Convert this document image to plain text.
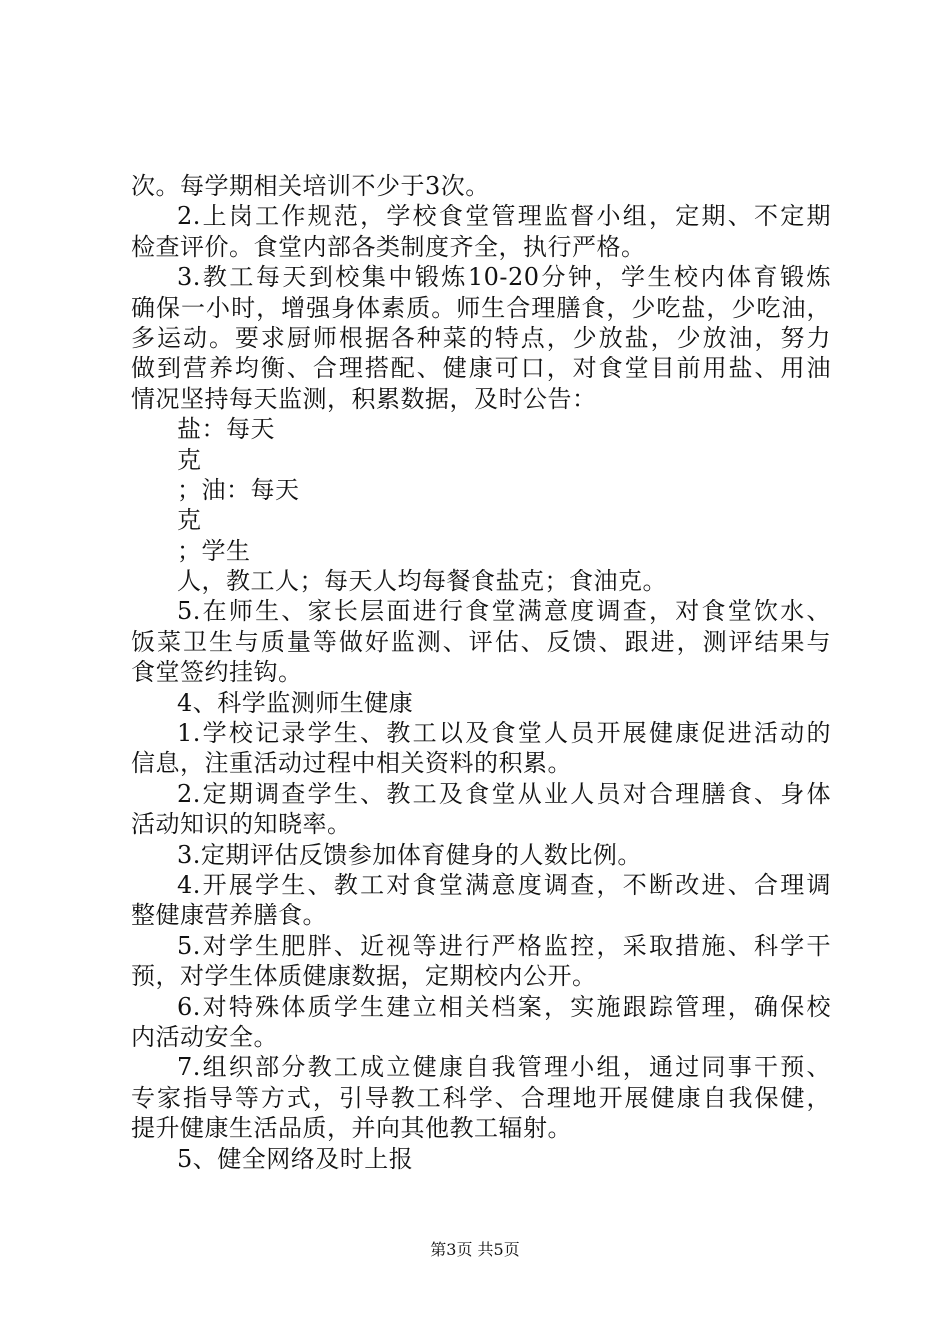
次。每学期相关培训不少于3次。
2.上岗工作规范，学校食堂管理监督小组，定期、不定期
检查评价。食堂内部各类制度齐全，执行严格。
3.教工每天到校集中锻炼10-20分钟，学生校内体育锻炼
确保一小时，增强身体素质。师生合理膳食，少吃盐，少吃油，
多运动。要求厨师根据各种菜的特点，少放盐，少放油，努力
做到营养均衡、合理搭配、健康可口，对食堂目前用盐、用油
情况坚持每天监测，积累数据，及时公告：
盐：每天
克
；油：每天
克
；学生
人，教工人；每天人均每餐食盐克；食油克。
5.在师生、家长层面进行食堂满意度调查，对食堂饮水、
饭菜卫生与质量等做好监测、评估、反馈、跟进，测评结果与
食堂签约挂钩。
4、科学监测师生健康
1.学校记录学生、教工以及食堂人员开展健康促进活动的
信息，注重活动过程中相关资料的积累。
2.定期调查学生、教工及食堂从业人员对合理膳食、身体
活动知识的知晓率。
3.定期评估反馈参加体育健身的人数比例。
4.开展学生、教工对食堂满意度调查，不断改进、合理调
整健康营养膳食。
5.对学生肥胖、近视等进行严格监控，采取措施、科学干
预，对学生体质健康数据，定期校内公开。
6.对特殊体质学生建立相关档案，实施跟踪管理，确保校
内活动安全。
7.组织部分教工成立健康自我管理小组，通过同事干预、
专家指导等方式，引导教工科学、合理地开展健康自我保健，
提升健康生活品质，并向其他教工辐射。
5、健全网络及时上报
第3页 共5页
